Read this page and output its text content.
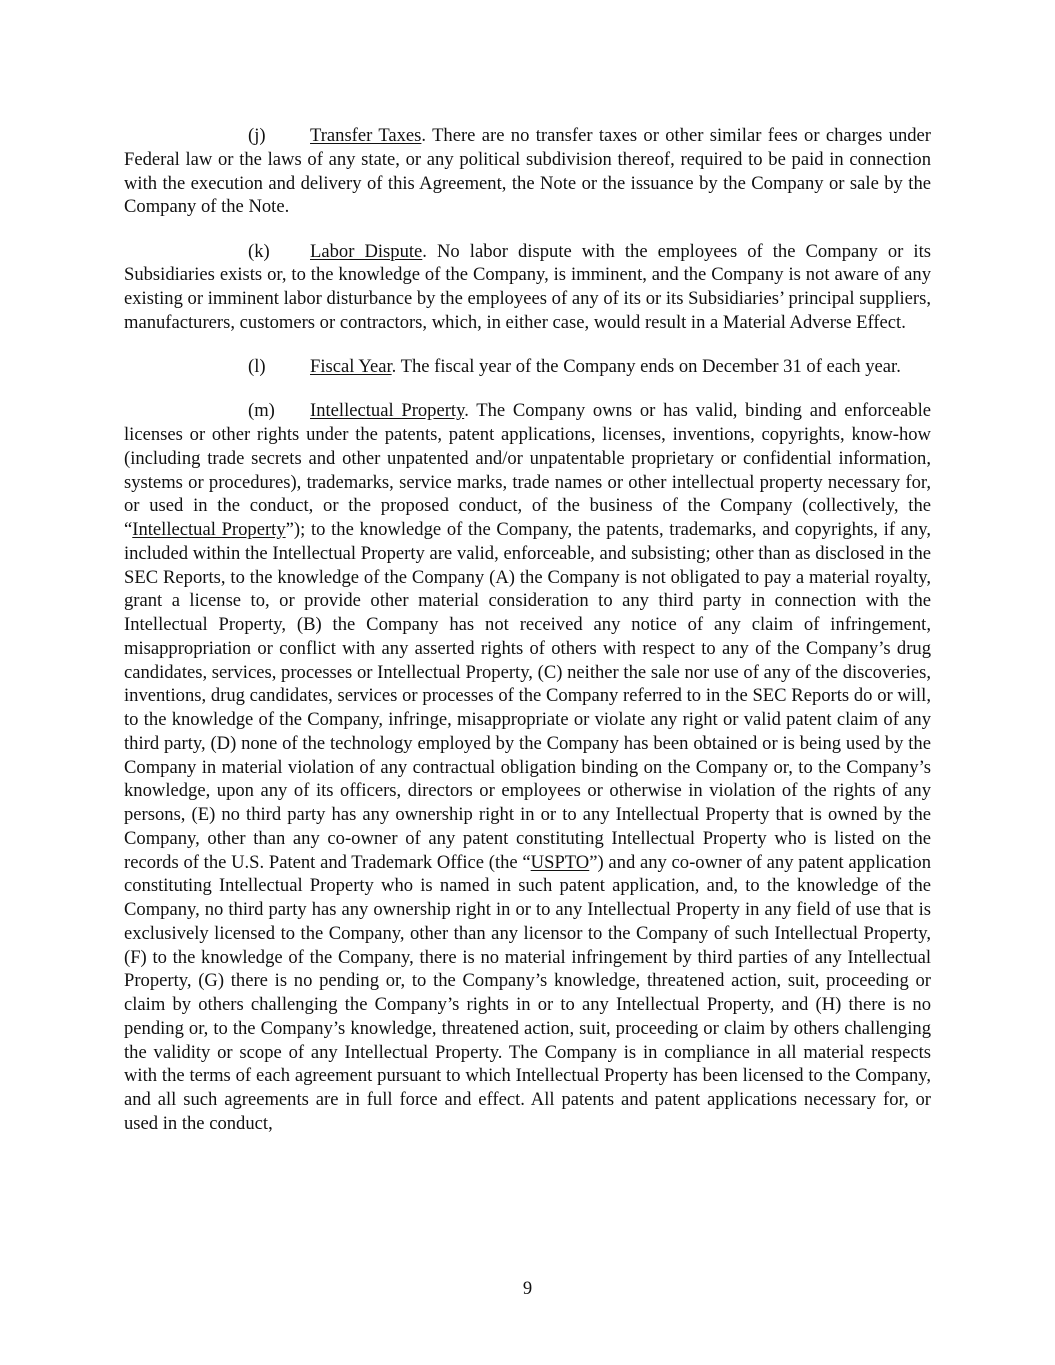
(j) Transfer Taxes. There are no transfer taxes or other similar fees or charges under Federal law or the laws of any state, or any political subdivision thereof, required to be paid in connection with the execution and delivery of this Agreement, the Note or the issuance by the Company or sale by the Company of the Note.

(k) Labor Dispute. No labor dispute with the employees of the Company or its Subsidiaries exists or, to the knowledge of the Company, is imminent, and the Company is not aware of any existing or imminent labor disturbance by the employees of any of its or its Subsidiaries’ principal suppliers, manufacturers, customers or contractors, which, in either case, would result in a Material Adverse Effect.

(l) Fiscal Year. The fiscal year of the Company ends on December 31 of each year.

(m) Intellectual Property. The Company owns or has valid, binding and enforceable licenses or other rights under the patents, patent applications, licenses, inventions, copyrights, know-how (including trade secrets and other unpatented and/or unpatentable proprietary or confidential information, systems or procedures), trademarks, service marks, trade names or other intellectual property necessary for, or used in the conduct, or the proposed conduct, of the business of the Company (collectively, the “Intellectual Property”); to the knowledge of the Company, the patents, trademarks, and copyrights, if any, included within the Intellectual Property are valid, enforceable, and subsisting; other than as disclosed in the SEC Reports, to the knowledge of the Company (A) the Company is not obligated to pay a material royalty, grant a license to, or provide other material consideration to any third party in connection with the Intellectual Property, (B) the Company has not received any notice of any claim of infringement, misappropriation or conflict with any asserted rights of others with respect to any of the Company’s drug candidates, services, processes or Intellectual Property, (C) neither the sale nor use of any of the discoveries, inventions, drug candidates, services or processes of the Company referred to in the SEC Reports do or will, to the knowledge of the Company, infringe, misappropriate or violate any right or valid patent claim of any third party, (D) none of the technology employed by the Company has been obtained or is being used by the Company in material violation of any contractual obligation binding on the Company or, to the Company’s knowledge, upon any of its officers, directors or employees or otherwise in violation of the rights of any persons, (E) no third party has any ownership right in or to any Intellectual Property that is owned by the Company, other than any co-owner of any patent constituting Intellectual Property who is listed on the records of the U.S. Patent and Trademark Office (the “USPTO”) and any co-owner of any patent application constituting Intellectual Property who is named in such patent application, and, to the knowledge of the Company, no third party has any ownership right in or to any Intellectual Property in any field of use that is exclusively licensed to the Company, other than any licensor to the Company of such Intellectual Property, (F) to the knowledge of the Company, there is no material infringement by third parties of any Intellectual Property, (G) there is no pending or, to the Company’s knowledge, threatened action, suit, proceeding or claim by others challenging the Company’s rights in or to any Intellectual Property, and (H) there is no pending or, to the Company’s knowledge, threatened action, suit, proceeding or claim by others challenging the validity or scope of any Intellectual Property. The Company is in compliance in all material respects with the terms of each agreement pursuant to which Intellectual Property has been licensed to the Company, and all such agreements are in full force and effect. All patents and patent applications necessary for, or used in the conduct,

9
